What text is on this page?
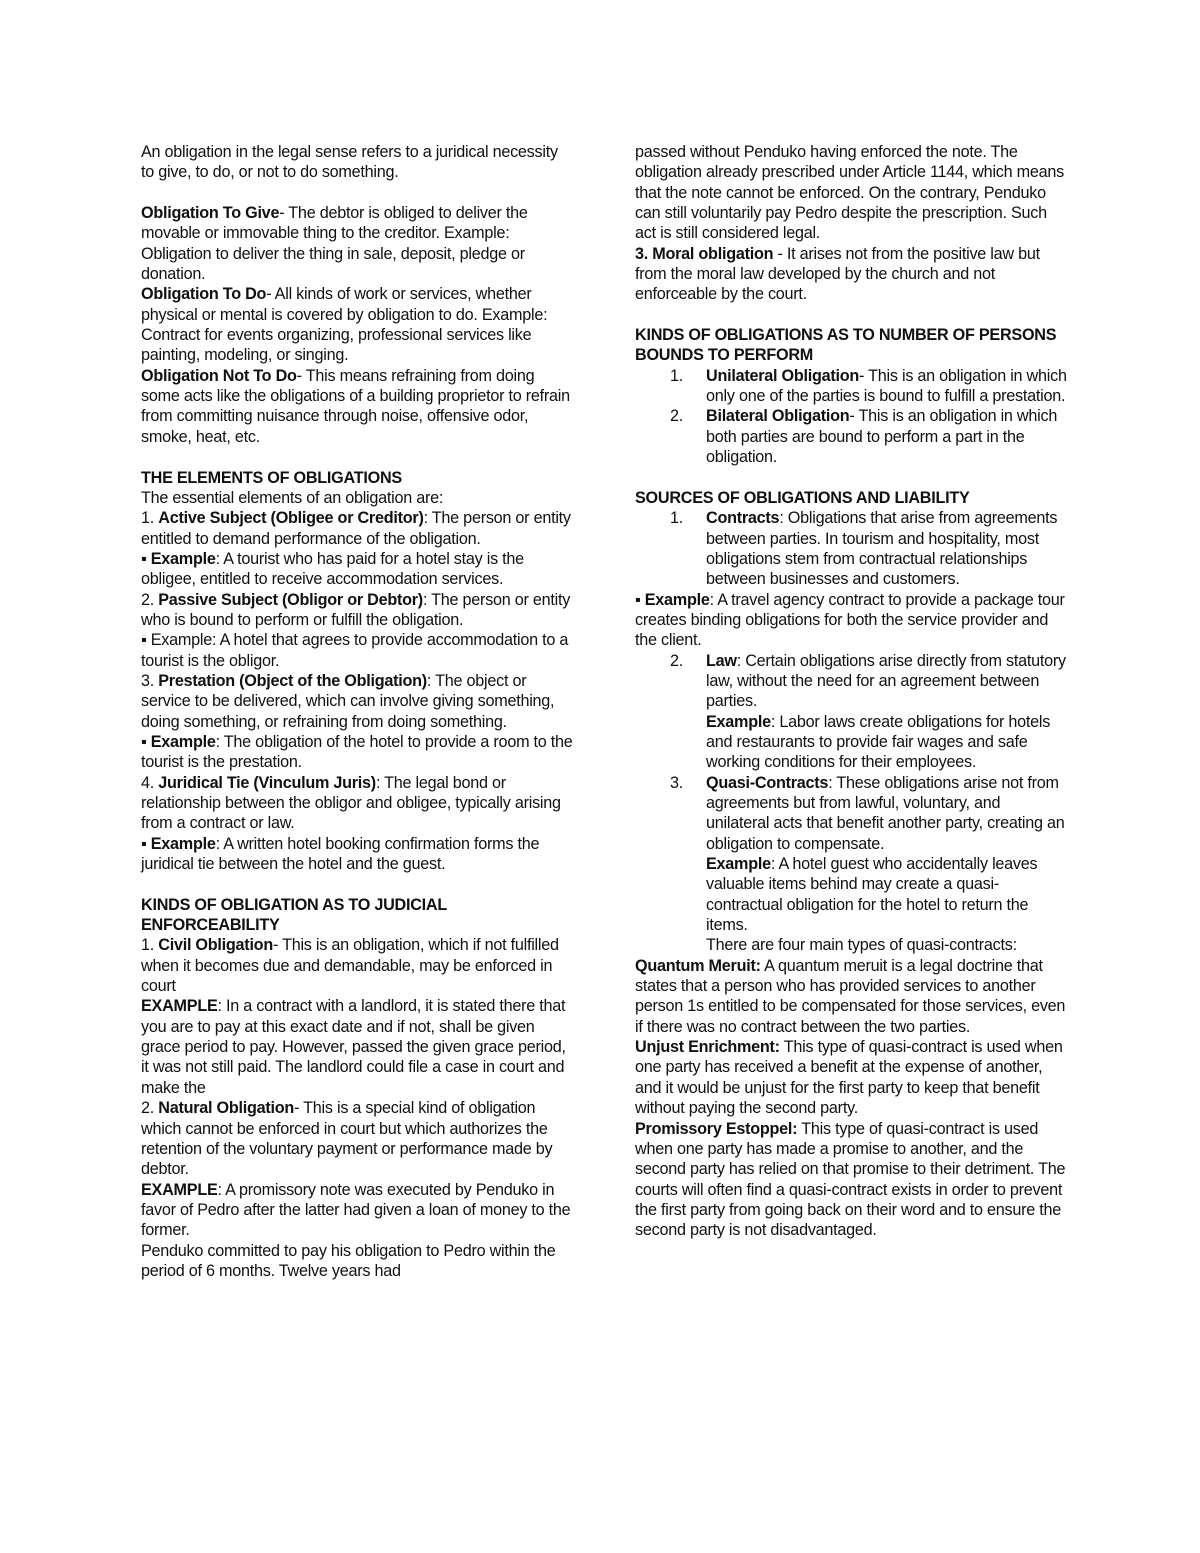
An obligation in the legal sense refers to a juridical necessity to give, to do, or not to do something.

Obligation To Give- The debtor is obliged to deliver the movable or immovable thing to the creditor. Example: Obligation to deliver the thing in sale, deposit, pledge or donation.

Obligation To Do- All kinds of work or services, whether physical or mental is covered by obligation to do. Example: Contract for events organizing, professional services like painting, modeling, or singing.

Obligation Not To Do- This means refraining from doing some acts like the obligations of a building proprietor to refrain from committing nuisance through noise, offensive odor, smoke, heat, etc.

THE ELEMENTS OF OBLIGATIONS

The essential elements of an obligation are:

1. Active Subject (Obligee or Creditor): The person or entity entitled to demand performance of the obligation.

▪ Example: A tourist who has paid for a hotel stay is the obligee, entitled to receive accommodation services.

2. Passive Subject (Obligor or Debtor): The person or entity who is bound to perform or fulfill the obligation.

▪ Example: A hotel that agrees to provide accommodation to a tourist is the obligor.

3. Prestation (Object of the Obligation): The object or service to be delivered, which can involve giving something, doing something, or refraining from doing something.

▪ Example: The obligation of the hotel to provide a room to the tourist is the prestation.

4. Juridical Tie (Vinculum Juris): The legal bond or relationship between the obligor and obligee, typically arising from a contract or law.

▪ Example: A written hotel booking confirmation forms the juridical tie between the hotel and the guest.

KINDS OF OBLIGATION AS TO JUDICIAL ENFORCEABILITY

1. Civil Obligation- This is an obligation, which if not fulfilled when it becomes due and demandable, may be enforced in court

EXAMPLE: In a contract with a landlord, it is stated there that you are to pay at this exact date and if not, shall be given grace period to pay. However, passed the given grace period, it was not still paid. The landlord could file a case in court and make the

2. Natural Obligation- This is a special kind of obligation which cannot be enforced in court but which authorizes the retention of the voluntary payment or performance made by debtor.

EXAMPLE: A promissory note was executed by Penduko in favor of Pedro after the latter had given a loan of money to the former.

Penduko committed to pay his obligation to Pedro within the period of 6 months. Twelve years had

passed without Penduko having enforced the note. The obligation already prescribed under Article 1144, which means that the note cannot be enforced. On the contrary, Penduko can still voluntarily pay Pedro despite the prescription. Such act is still considered legal.

3. Moral obligation - It arises not from the positive law but from the moral law developed by the church and not enforceable by the court.

KINDS OF OBLIGATIONS AS TO NUMBER OF PERSONS BOUNDS TO PERFORM

1. Unilateral Obligation- This is an obligation in which only one of the parties is bound to fulfill a prestation.
2. Bilateral Obligation- This is an obligation in which both parties are bound to perform a part in the obligation.

SOURCES OF OBLIGATIONS AND LIABILITY

1. Contracts: Obligations that arise from agreements between parties. In tourism and hospitality, most obligations stem from contractual relationships between businesses and customers.

▪ Example: A travel agency contract to provide a package tour creates binding obligations for both the service provider and the client.

2. Law: Certain obligations arise directly from statutory law, without the need for an agreement between parties.

Example: Labor laws create obligations for hotels and restaurants to provide fair wages and safe working conditions for their employees.

3. Quasi-Contracts: These obligations arise not from agreements but from lawful, voluntary, and unilateral acts that benefit another party, creating an obligation to compensate.

Example: A hotel guest who accidentally leaves valuable items behind may create a quasi-contractual obligation for the hotel to return the items.

There are four main types of quasi-contracts:

Quantum Meruit: A quantum meruit is a legal doctrine that states that a person who has provided services to another person 1s entitled to be compensated for those services, even if there was no contract between the two parties.

Unjust Enrichment: This type of quasi-contract is used when one party has received a benefit at the expense of another, and it would be unjust for the first party to keep that benefit without paying the second party.

Promissory Estoppel: This type of quasi-contract is used when one party has made a promise to another, and the second party has relied on that promise to their detriment. The courts will often find a quasi-contract exists in order to prevent the first party from going back on their word and to ensure the second party is not disadvantaged.
